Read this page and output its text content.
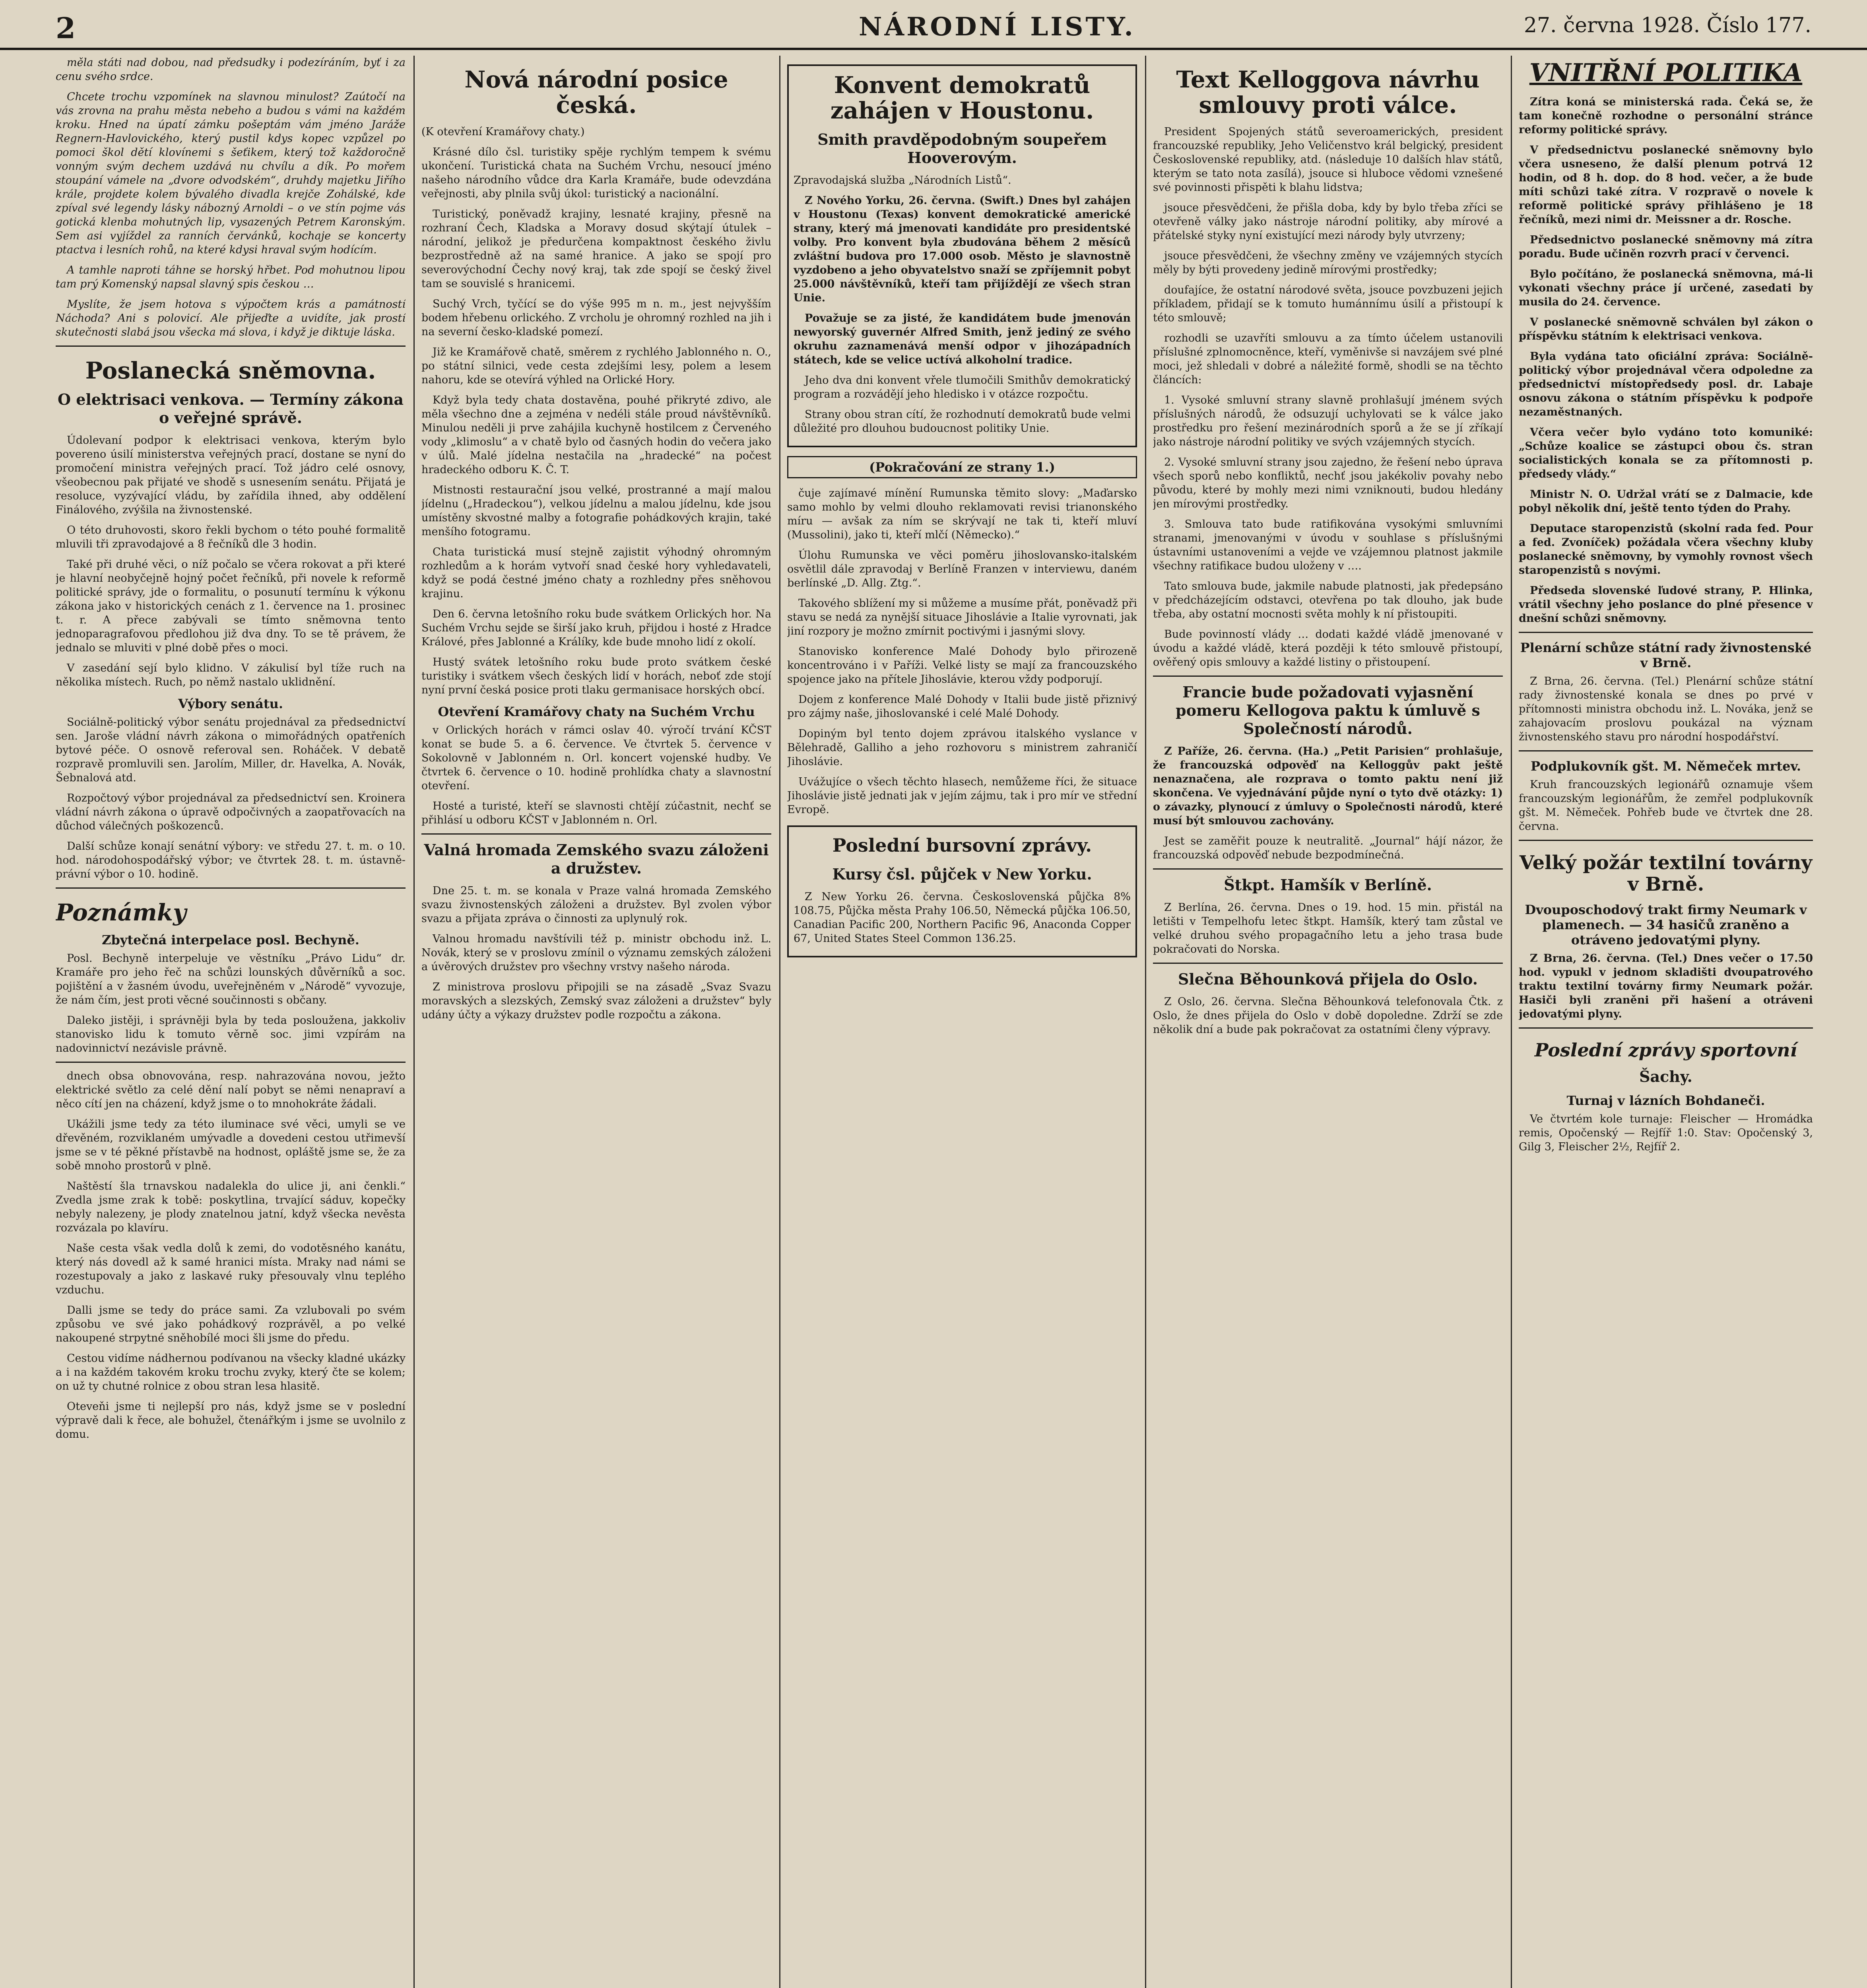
2	NÁRODNÍ LISTY.	27. června 1928. Číslo 177.

měla státi nad dobou, nad předsudky i podezíráním, byť i za cenu svého srdce.

Chcete trochu vzpomínek na slavnou minulost? Zaútočí na vás zrovna na prahu města nebeho a budou s vámi na každém kroku. Hned na úpatí zámku pošeptám vám jméno Jaráže Regnern-Havlovického, který pustil kdys kopec vzpůzel po pomoci škol dětí klovínemi s šeťikem, který tož každoročně vonným svým dechem uzdává nu chvílu a dík. Po mořem stoupání vámele na „dvore odvodském“, druhdy majetku Jiřího krále, projdete kolem bývalého divadla krejče Zohálské, kde zpíval své legendy lásky nábozný Arnoldi – o ve stín pojme vás gotická klenba mohutných lip, vysazených Petrem Karonským. Sem asi vyjíždel za ranních červánků, kochaje se koncerty ptactva i lesních rohů, na které kdysi hraval svým hodícím.

A tamhle naproti táhne se horský hřbet. Pod mohutnou lipou tam prý Komenský napsal slavný spis českou …

Myslíte, že jsem hotova s výpočtem krás a památností Náchoda? Ani s polovicí. Ale přijeďte a uvidíte, jak prostí skutečnosti slabá jsou všecka má slova, i když je diktuje láska.

Poslanecká sněmovna.
O elektrisaci venkova. — Termíny zákona o veřejné správě.

Údolevaní podpor k elektrisaci venkova, kterým bylo povereno úsilí ministerstva veřejných prací, dostane se nyní do promočení ministra veřejných prací. Tož jádro celé osnovy, všeobecnou pak přijaté ve shodě s usnesením senátu. Přijatá je resoluce, vyzývající vládu, by zařídila ihned, aby oddělení Finálového, zvýšila na živnostenské.

O této druhovosti, skoro řekli bychom o této pouhé formalitě mluvili tři zpravodajové a 8 řečníků dle 3 hodin.

Také při druhé věci, o níž počalo se včera rokovat a při které je hlavní neobyčejně hojný počet řečníků, při novele k reformě politické správy, jde o formalitu, o posunutí termínu k výkonu zákona jako v historických cenách z 1. července na 1. prosinec t. r. A přece zabývali se tímto sněmovna tento jednoparagrafovou předlohou již dva dny. To se tě právem, že jednalo se mluviti v plné době přes o moci.

V zasedání sejí bylo klidno. V zákulisí byl tíže ruch na několika místech. Ruch, po němž nastalo uklidnění.

Výbory senátu.

Sociálně-politický výbor senátu projednával za předsednictví sen. Jaroše vládní návrh zákona o mimořádných opatřeních bytové péče. O osnově referoval sen. Roháček. V debatě rozpravě promluvili sen. Jarolím, Miller, dr. Havelka, A. Novák, Šebnalová atd.

Rozpočtový výbor projednával za předsednictví sen. Kroinera vládní návrh zákona o úpravě odpočivných a zaopatřovacích na důchod válečných poškozenců.

Další schůze konají senátní výbory: ve středu 27. t. m. o 10. hod. národohospodářský výbor; ve čtvrtek 28. t. m. ústavně-právní výbor o 10. hodině.

Poznámky
Zbytečná interpelace posl. Bechyně.

Posl. Bechyně interpeluje ve věstníku „Právo Lidu“ dr. Kramáře pro jeho řeč na schůzi lounských důvěrníků a soc. pojištění a v žasném úvodu, uveřejněném v „Národě“ vyvozuje, že nám čím, jest proti věcné součinnosti s občany.

Daleko jistěji, i správněji byla by teda posloužena, jakkoliv stanovisko lidu k tomuto věrně soc. jimi vzpírám na nadovinnictví nezávisle právně.

dnech obsa obnovována, resp. nahrazována novou, ježto elektrické světlo za celé dění nalí pobyt se němi nenapraví a něco cítí jen na cházení, když jsme o to mnohokráte žádali.

Ukážili jsme tedy za této iluminace své věci, umyli se ve dřevěném, rozviklaném umývadle a dovedeni cestou utřimevší jsme se v té pěkné přístavbě na hodnost, opláště jsme se, že za sobě mnoho prostorů v plně.

Naštěstí šla trnavskou nadalekla do ulice ji, ani čenkli.“ Zvedla jsme zrak k tobě: poskytlina, trvající sáduv, kopečky nebyly nalezeny, je plody znatelnou jatní, když všecka nevěsta rozvázala po klavíru.

Naše cesta však vedla dolů k zemi, do vodotěsného kanátu, který nás dovedl až k samé hranici místa. Mraky nad námi se rozestupovaly a jako z laskavé ruky přesouvaly vlnu teplého vzduchu.

Dalli jsme se tedy do práce sami. Za vzlubovali po svém způsobu ve své jako pohádkový rozprávěl, a po velké nakoupené strpytné sněhobílé moci šli jsme do předu.

Cestou vidíme nádhernou podívanou na všecky kladné ukázky a i na každém takovém kroku trochu zvyky, který čte se kolem; on už ty chutné rolnice z obou stran lesa hlasitě.

Oteveňi jsme ti nejlepší pro nás, když jsme se v poslední výpravě dali k řece, ale bohužel, čtenářkým i jsme se uvolnilo z domu.

Nová národní posice česká.

(K otevření Kramářovy chaty.)

Krásné dílo čsl. turistiky spěje rychlým tempem k svému ukončení. Turistická chata na Suchém Vrchu, nesoucí jméno našeho národního vůdce dra Karla Kramáře, bude odevzdána veřejnosti, aby plnila svůj úkol: turistický a nacionální.

Turistický, poněvadž krajiny, lesnaté krajiny, přesně na rozhraní Čech, Kladska a Moravy dosud skýtají útulek – národní, jelikož je předurčena kompaktnost českého živlu bezprostředně až na samé hranice. A jako se spojí pro severovýchodní Čechy nový kraj, tak zde spojí se český živel tam se souvislé s hranicemi.

Suchý Vrch, tyčící se do výše 995 m n. m., jest nejvyšším bodem hřebenu orlického. Z vrcholu je ohromný rozhled na jih i na severní česko-kladské pomezí.

Již ke Kramářově chatě, směrem z rychlého Jablonného n. O., po státní silnici, vede cesta zdejšími lesy, polem a lesem nahoru, kde se otevírá výhled na Orlické Hory.

Když byla tedy chata dostavěna, pouhé přikryté zdivo, ale měla všechno dne a zejména v nedéli stále proud návštěvníků. Minulou neděli ji prve zahájila kuchyně hostilcem z Červeného vody „klimoslu“ a v chatě bylo od časných hodin do večera jako v úlů. Malé jídelna nestačila na „hradecké“ na počest hradeckého odboru K. Č. T.

Mistnosti restaurační jsou velké, prostranné a mají malou jídelnu („Hradeckou“), velkou jídelnu a malou jídelnu, kde jsou umístěny skvostné malby a fotografie pohádkových krajin, také menšího fotogramu.

Chata turistická musí stejně zajistit výhodný ohromným rozhledům a k horám vytvoří snad české hory vyhledavateli, když se podá čestné jméno chaty a rozhledny přes sněhovou krajinu.

Den 6. června letošního roku bude svátkem Orlických hor. Na Suchém Vrchu sejde se širší jako kruh, přijdou i hosté z Hradce Králové, přes Jablonné a Králíky, kde bude mnoho lidí z okolí.

Hustý svátek letošního roku bude proto svátkem české turistiky i svátkem všech českých lidí v horách, neboť zde stojí nyní první česká posice proti tlaku germanisace horských obcí.

Otevření Kramářovy chaty na Suchém Vrchu

v Orlických horách v rámci oslav 40. výročí trvání KČST konat se bude 5. a 6. července. Ve čtvrtek 5. července v Sokolovně v Jablonném n. Orl. koncert vojenské hudby. Ve čtvrtek 6. července o 10. hodině prohlídka chaty a slavnostní otevření.

Hosté a turisté, kteří se slavnosti chtějí zúčastnit, nechť se přihlásí u odboru KČST v Jablonném n. Orl.

Valná hromada Zemského svazu záloženi a družstev.

Dne 25. t. m. se konala v Praze valná hromada Zemského svazu živnostenských záloženi a družstev. Byl zvolen výbor svazu a přijata zpráva o činnosti za uplynulý rok.

Valnou hromadu navštívili též p. ministr obchodu inž. L. Novák, který se v proslovu zmínil o významu zemských záloženi a úvěrových družstev pro všechny vrstvy našeho národa.

Z ministrova proslovu připojili se na zásadě „Svaz Svazu moravských a slezských, Zemský svaz záloženi a družstev“ byly udány účty a výkazy družstev podle rozpočtu a zákona.

Konvent demokratů zahájen v Houstonu.
Smith pravděpodobným soupeřem Hooverovým.

Zpravodajská služba „Národních Listů“.

Z Nového Yorku, 26. června. (Swift.) Dnes byl zahájen v Houstonu (Texas) konvent demokratické americké strany, který má jmenovati kandidáte pro presidentské volby. Pro konvent byla zbudována během 2 měsíců zvláštní budova pro 17.000 osob. Město je slavnostně vyzdobeno a jeho obyvatelstvo snaží se zpříjemnit pobyt 25.000 návštěvníků, kteří tam přijíždějí ze všech stran Unie.

Považuje se za jisté, že kandidátem bude jmenován newyorský guvernér Alfred Smith, jenž jediný ze svého okruhu zaznamenává menší odpor v jihozápadních státech, kde se velice uctívá alkoholní tradice.

Jeho dva dni konvent vřele tlumočili Smithův demokratický program a rozvádějí jeho hledisko i v otázce rozpočtu.

Strany obou stran cítí, že rozhodnutí demokratů bude velmi důležité pro dlouhou budoucnost politiky Unie.

(Pokračování ze strany 1.)

čuje zajímavé mínění Rumunska těmito slovy: „Maďarsko samo mohlo by velmi dlouho reklamovati revisi trianonského míru — avšak za ním se skrývají ne tak ti, kteří mluví (Mussolini), jako ti, kteří mlčí (Německo).“

Úlohu Rumunska ve věci poměru jihoslovansko-italském osvětlil dále zpravodaj v Berlíně Franzen v interviewu, daném berlínské „D. Allg. Ztg.“.

Takového sblížení my si můžeme a musíme přát, poněvadž při stavu se nedá za nynější situace Jihoslávie a Italie vyrovnati, jak jiní rozpory je možno zmírnit poctivými i jasnými slovy.

Stanovisko konference Malé Dohody bylo přirozeně koncentrováno i v Paříži. Velké listy se mají za francouzského spojence jako na přítele Jihoslávie, kterou vždy podporují.

Dojem z konference Malé Dohody v Italii bude jistě přiznivý pro zájmy naše, jihoslovanské i celé Malé Dohody.

Dopiným byl tento dojem zprávou italského vyslance v Bělehradě, Galliho a jeho rozhovoru s ministrem zahraničí Jihoslávie.

Uvážujíce o všech těchto hlasech, nemůžeme říci, že situace Jihoslávie jistě jednati jak v jejím zájmu, tak i pro mír ve střední Evropě.

Poslední bursovní zprávy.
Kursy čsl. půjček v New Yorku.

Z New Yorku 26. června. Československá půjčka 8% 108.75, Půjčka města Prahy 106.50, Německá půjčka 106.50, Canadian Pacific 200, Northern Pacific 96, Anaconda Copper 67, United States Steel Common 136.25.

Text Kelloggova návrhu smlouvy proti válce.

President Spojených států severoamerických, president francouzské republiky, Jeho Veličenstvo král belgický, president Československé republiky, atd. (následuje 10 dalších hlav států, kterým se tato nota zasílá), jsouce si hluboce vědomi vznešené své povinnosti přispěti k blahu lidstva;

jsouce přesvědčeni, že přišla doba, kdy by bylo třeba zříci se otevřeně války jako nástroje národní politiky, aby mírové a přátelské styky nyní existující mezi národy byly utvrzeny;

jsouce přesvědčeni, že všechny změny ve vzájemných stycích měly by býti provedeny jedině mírovými prostředky;

doufajíce, že ostatní národové světa, jsouce povzbuzeni jejich příkladem, přidají se k tomuto humánnímu úsilí a přistoupí k této smlouvě;

rozhodli se uzavříti smlouvu a za tímto účelem ustanovili příslušné zplnomocněnce, kteří, vyměnivše si navzájem své plné moci, jež shledali v dobré a náležité formě, shodli se na těchto článcích:

1. Vysoké smluvní strany slavně prohlašují jménem svých příslušných národů, že odsuzují uchylovati se k válce jako prostředku pro řešení mezinárodních sporů a že se jí zříkají jako nástroje národní politiky ve svých vzájemných stycích.

2. Vysoké smluvní strany jsou zajedno, že řešení nebo úprava všech sporů nebo konfliktů, nechť jsou jakékoliv povahy nebo původu, které by mohly mezi nimi vzniknouti, budou hledány jen mírovými prostředky.

3. Smlouva tato bude ratifikována vysokými smluvními stranami, jmenovanými v úvodu v souhlase s příslušnými ústavními ustanoveními a vejde ve vzájemnou platnost jakmile všechny ratifikace budou uloženy v ….

Tato smlouva bude, jakmile nabude platnosti, jak předepsáno v předcházejícím odstavci, otevřena po tak dlouho, jak bude třeba, aby ostatní mocnosti světa mohly k ní přistoupiti.

Bude povinností vlády … dodati každé vládě jmenované v úvodu a každé vládě, která později k této smlouvě přistoupí, ověřený opis smlouvy a každé listiny o přistoupení.

Francie bude požadovati vyjasnění pomeru Kellogova paktu k úmluvě s Společností národů.

Z Paříže, 26. června. (Ha.) „Petit Parisien“ prohlašuje, že francouzská odpověď na Kelloggův pakt ještě nenaznačena, ale rozprava o tomto paktu není již skončena. Ve vyjednávání půjde nyní o tyto dvě otázky: 1) o závazky, plynoucí z úmluvy o Společnosti národů, které musí být smlouvou zachovány.

Jest se zaměřit pouze k neutralitě. „Journal“ hájí názor, že francouzská odpověď nebude bezpodmínečná.

Štkpt. Hamšík v Berlíně.

Z Berlína, 26. června. Dnes o 19. hod. 15 min. přistál na letišti v Tempelhofu letec štkpt. Hamšík, který tam zůstal ve velké druhou svého propagačního letu a jeho trasa bude pokračovati do Norska.

Slečna Běhounková přijela do Oslo.

Z Oslo, 26. června. Slečna Běhounková telefonovala Čtk. z Oslo, že dnes přijela do Oslo v době dopoledne. Zdrží se zde několik dní a bude pak pokračovat za ostatními členy výpravy.

VNITŘNÍ POLITIKA

Zítra koná se ministerská rada. Čeká se, že tam konečně rozhodne o personální stránce reformy politické správy.

V předsednictvu poslanecké sněmovny bylo včera usneseno, že další plenum potrvá 12 hodin, od 8 h. dop. do 8 hod. večer, a že bude míti schůzi také zítra. V rozpravě o novele k reformě politické správy přihlášeno je 18 řečníků, mezi nimi dr. Meissner a dr. Rosche.

Předsednictvo poslanecké sněmovny má zítra poradu. Bude učiněn rozvrh prací v červenci.

Bylo počítáno, že poslanecká sněmovna, má-li vykonati všechny práce jí určené, zasedati by musila do 24. července.

V poslanecké sněmovně schválen byl zákon o příspěvku státním k elektrisaci venkova.

Byla vydána tato oficiální zpráva: Sociálně-politický výbor projednával včera odpoledne za předsednictví místopředsedy posl. dr. Labaje osnovu zákona o státním příspěvku k podpoře nezaměstnaných.

Včera večer bylo vydáno toto komuniké: „Schůze koalice se zástupci obou čs. stran socialistických konala se za přítomnosti p. předsedy vlády.“

Ministr N. O. Udržal vrátí se z Dalmacie, kde pobyl několik dní, ještě tento týden do Prahy.

Deputace staropenzistů (skolní rada fed. Pour a fed. Zvoníček) požádala včera všechny kluby poslanecké sněmovny, by vymohly rovnost všech staropenzistů s novými.

Předseda slovenské ľudové strany, P. Hlinka, vrátil všechny jeho poslance do plné přesence v dnešní schůzi sněmovny.

Plenární schůze státní rady živnostenské v Brně.

Z Brna, 26. června. (Tel.) Plenární schůze státní rady živnostenské konala se dnes po prvé v přítomnosti ministra obchodu inž. L. Nováka, jenž se zahajovacím proslovu poukázal na význam živnostenského stavu pro národní hospodářství.

Podplukovník gšt. M. Němeček mrtev.

Kruh francouzských legionářů oznamuje všem francouzským legionářům, že zemřel podplukovník gšt. M. Němeček. Pohřeb bude ve čtvrtek dne 28. června.

Velký požár textilní továrny v Brně.
Dvouposchodový trakt firmy Neumark v plamenech. — 34 hasičů zraněno a otráveno jedovatými plyny.

Z Brna, 26. června. (Tel.) Dnes večer o 17.50 hod. vypukl v jednom skladišti dvoupatrového traktu textilní továrny firmy Neumark požár. Hasiči byli zraněni při hašení a otráveni jedovatými plyny.

Poslední zprávy sportovní
Šachy.
Turnaj v lázních Bohdaneči.

Ve čtvrtém kole turnaje: Fleischer — Hromádka remis, Opočenský — Rejfíř 1:0. Stav: Opočenský 3, Gilg 3, Fleischer 2½, Rejfíř 2.
